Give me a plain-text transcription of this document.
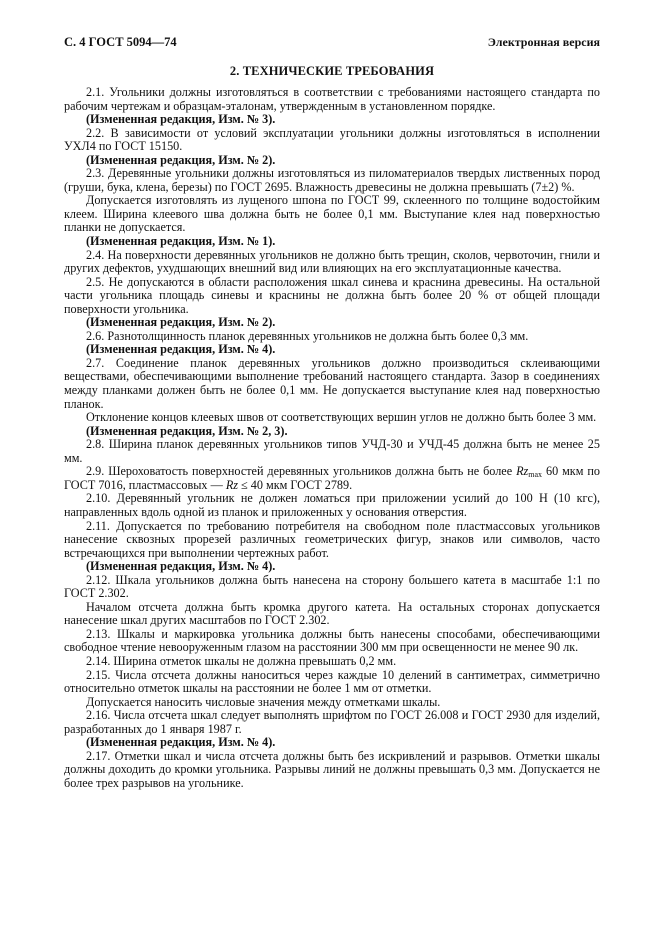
С. 4 ГОСТ 5094—74	Электронная версия
2. ТЕХНИЧЕСКИЕ ТРЕБОВАНИЯ

2.1. Угольники должны изготовляться в соответствии с требованиями настоящего стандарта по рабочим чертежам и образцам-эталонам, утвержденным в установленном порядке.

(Измененная редакция, Изм. № 3).

2.2. В зависимости от условий эксплуатации угольники должны изготовляться в исполнении УХЛ4 по ГОСТ 15150.

(Измененная редакция, Изм. № 2).

2.3. Деревянные угольники должны изготовляться из пиломатериалов твердых лиственных пород (груши, бука, клена, березы) по ГОСТ 2695. Влажность древесины не должна превышать (7±2) %.

Допускается изготовлять из лущеного шпона по ГОСТ 99, склеенного по толщине водостойким клеем. Ширина клеевого шва должна быть не более 0,1 мм. Выступание клея над поверхностью планки не допускается.

(Измененная редакция, Изм. № 1).

2.4. На поверхности деревянных угольников не должно быть трещин, сколов, червоточин, гнили и других дефектов, ухудшающих внешний вид или влияющих на его эксплуатационные качества.

2.5. Не допускаются в области расположения шкал синева и краснина древесины. На остальной части угольника площадь синевы и краснины не должна быть более 20 % от общей площади поверхности угольника.

(Измененная редакция, Изм. № 2).

2.6. Разнотолщинность планок деревянных угольников не должна быть более 0,3 мм.

(Измененная редакция, Изм. № 4).

2.7. Соединение планок деревянных угольников должно производиться склеивающими веществами, обеспечивающими выполнение требований настоящего стандарта. Зазор в соединениях между планками должен быть не более 0,1 мм. Не допускается выступание клея над поверхностью планок.

Отклонение концов клеевых швов от соответствующих вершин углов не должно быть более 3 мм.

(Измененная редакция, Изм. № 2, 3).

2.8. Ширина планок деревянных угольников типов УЧД-30 и УЧД-45 должна быть не менее 25 мм.

2.9. Шероховатость поверхностей деревянных угольников должна быть не более $Rz_{max}$ 60 мкм по ГОСТ 7016, пластмассовых — Rz ≤ 40 мкм ГОСТ 2789.

2.10. Деревянный угольник не должен ломаться при приложении усилий до 100 Н (10 кгс), направленных вдоль одной из планок и приложенных у основания отверстия.

2.11. Допускается по требованию потребителя на свободном поле пластмассовых угольников нанесение сквозных прорезей различных геометрических фигур, знаков или символов, часто встречающихся при выполнении чертежных работ.

(Измененная редакция, Изм. № 4).

2.12. Шкала угольников должна быть нанесена на сторону большего катета в масштабе 1:1 по ГОСТ 2.302.

Началом отсчета должна быть кромка другого катета. На остальных сторонах допускается нанесение шкал других масштабов по ГОСТ 2.302.

2.13. Шкалы и маркировка угольника должны быть нанесены способами, обеспечивающими свободное чтение невооруженным глазом на расстоянии 300 мм при освещенности не менее 90 лк.

2.14. Ширина отметок шкалы не должна превышать 0,2 мм.

2.15. Числа отсчета должны наноситься через каждые 10 делений в сантиметрах, симметрично относительно отметок шкалы на расстоянии не более 1 мм от отметки.

Допускается наносить числовые значения между отметками шкалы.

2.16. Числа отсчета шкал следует выполнять шрифтом по ГОСТ 26.008 и ГОСТ 2930 для изделий, разработанных до 1 января 1987 г.

(Измененная редакция, Изм. № 4).

2.17. Отметки шкал и числа отсчета должны быть без искривлений и разрывов. Отметки шкалы должны доходить до кромки угольника. Разрывы линий не должны превышать 0,3 мм. Допускается не более трех разрывов на угольнике.
